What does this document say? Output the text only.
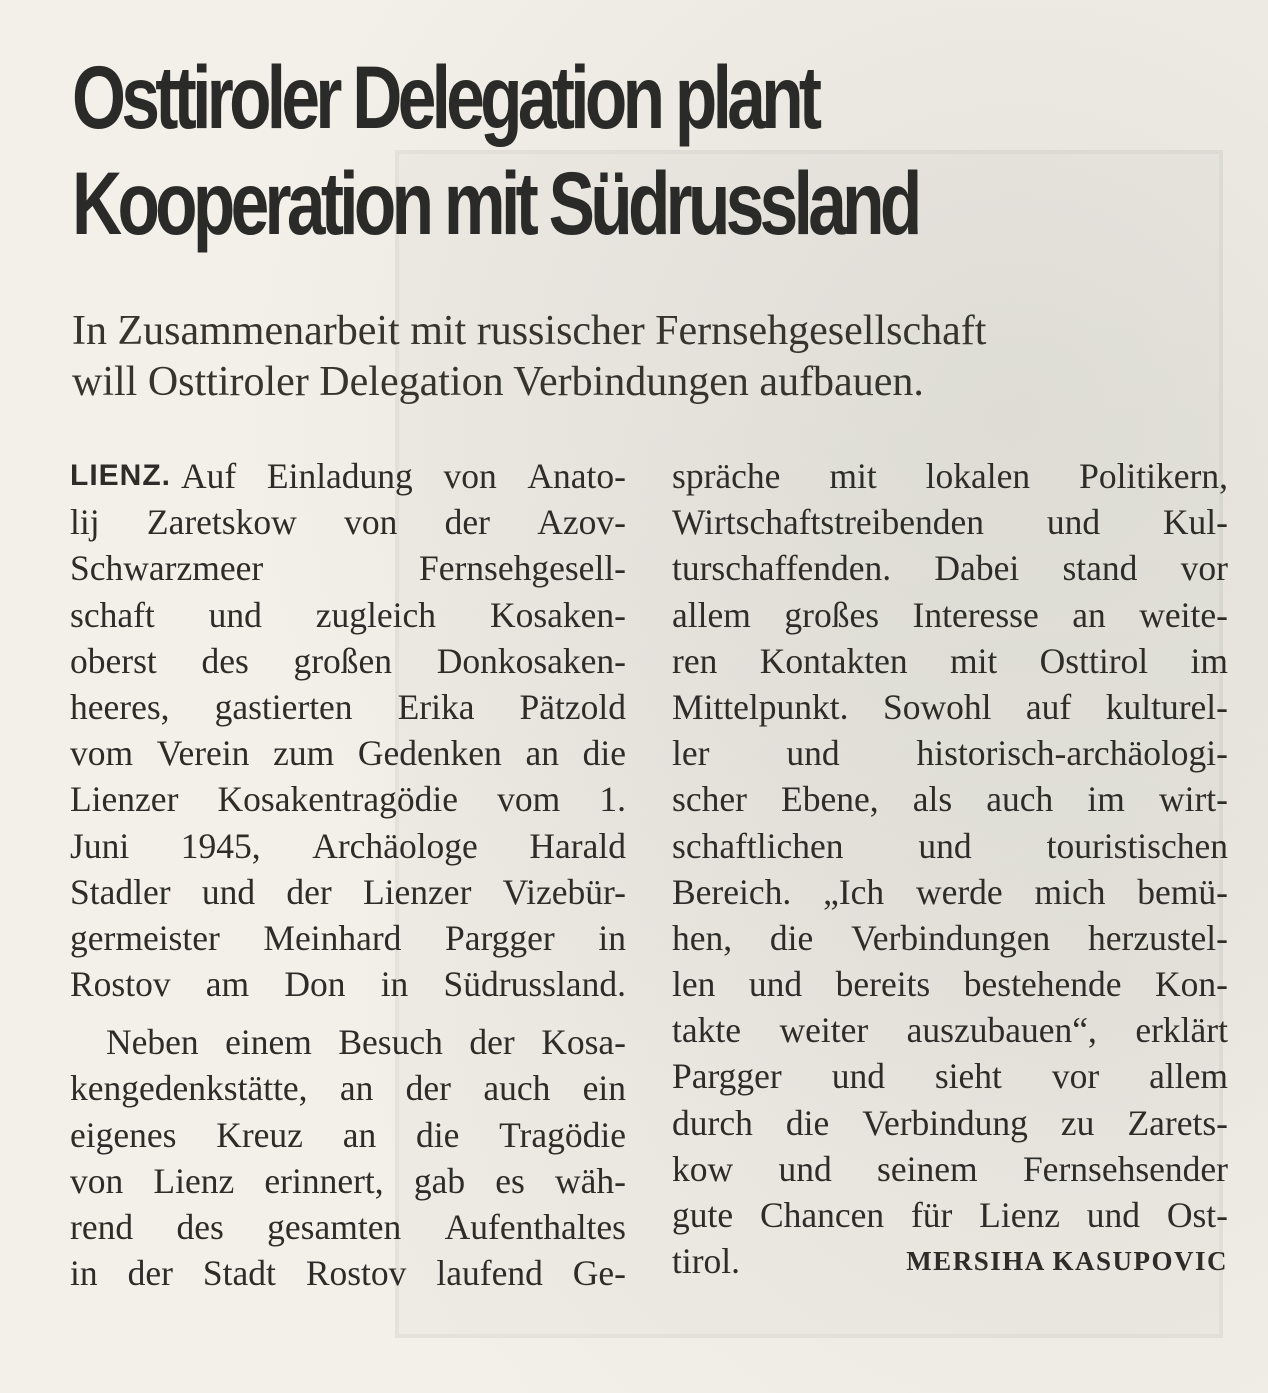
Osttiroler Delegation plant
Kooperation mit Südrussland

In Zusammenarbeit mit russischer Fernsehgesellschaft
will Osttiroler Delegation Verbindungen aufbauen.

LIENZ. Auf Einladung von Anato-
lij Zaretskow von der Azov-
Schwarzmeer	Fernsehgesell-
schaft und zugleich Kosaken-
oberst des großen Donkosaken-
heeres, gastierten Erika Pätzold
vom Verein zum Gedenken an die
Lienzer Kosakentragödie vom 1.
Juni 1945, Archäologe Harald
Stadler und der Lienzer Vizebür-
germeister Meinhard Pargger in
Rostov am Don in Südrussland.
Neben einem Besuch der Kosa-
kengedenkstätte, an der auch ein
eigenes Kreuz an die Tragödie
von Lienz erinnert, gab es wäh-
rend des gesamten Aufenthaltes
in der Stadt Rostov laufend Ge-
spräche mit lokalen Politikern,
Wirtschaftstreibenden und Kul-
turschaffenden. Dabei stand vor
allem großes Interesse an weite-
ren Kontakten mit Osttirol im
Mittelpunkt. Sowohl auf kulturel-
ler und historisch-archäologi-
scher Ebene, als auch im wirt-
schaftlichen und touristischen
Bereich. „Ich werde mich bemü-
hen, die Verbindungen herzustel-
len und bereits bestehende Kon-
takte weiter auszubauen“, erklärt
Pargger und sieht vor allem
durch die Verbindung zu Zarets-
kow und seinem Fernsehsender
gute Chancen für Lienz und Ost-
tirol.	MERSIHA KASUPOVIC
